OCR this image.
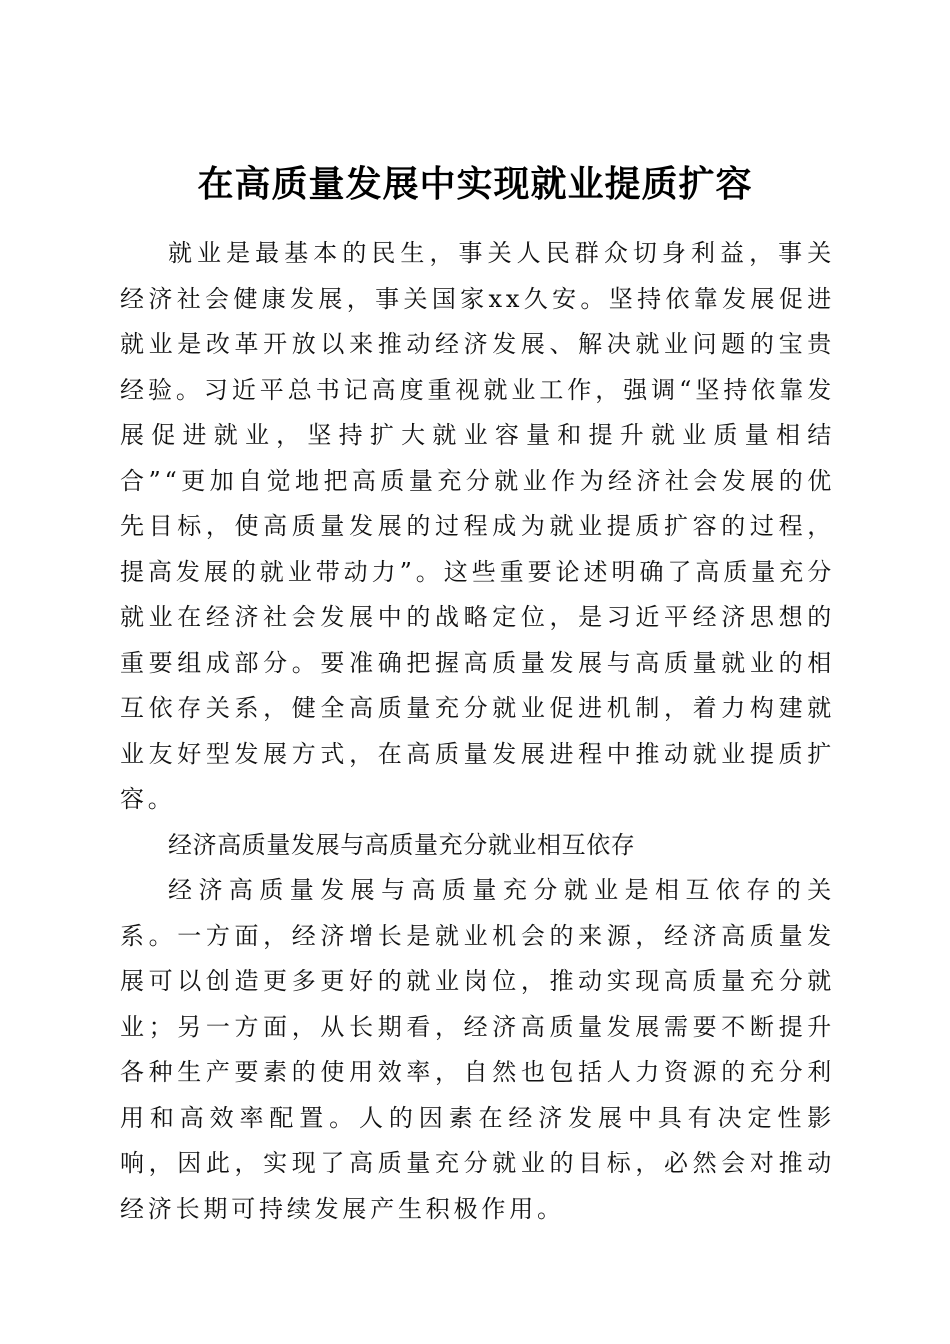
在高质量发展中实现就业提质扩容

就业是最基本的民生，事关人民群众切身利益，事关经济社会健康发展，事关国家xx久安。坚持依靠发展促进就业是改革开放以来推动经济发展、解决就业问题的宝贵经验。习近平总书记高度重视就业工作，强调“坚持依靠发展促进就业，坚持扩大就业容量和提升就业质量相结合”“更加自觉地把高质量充分就业作为经济社会发展的优先目标，使高质量发展的过程成为就业提质扩容的过程，提高发展的就业带动力”。这些重要论述明确了高质量充分就业在经济社会发展中的战略定位，是习近平经济思想的重要组成部分。要准确把握高质量发展与高质量就业的相互依存关系，健全高质量充分就业促进机制，着力构建就业友好型发展方式，在高质量发展进程中推动就业提质扩容。

经济高质量发展与高质量充分就业相互依存

经济高质量发展与高质量充分就业是相互依存的关系。一方面，经济增长是就业机会的来源，经济高质量发展可以创造更多更好的就业岗位，推动实现高质量充分就业；另一方面，从长期看，经济高质量发展需要不断提升各种生产要素的使用效率，自然也包括人力资源的充分利用和高效率配置。人的因素在经济发展中具有决定性影响，因此，实现了高质量充分就业的目标，必然会对推动经济长期可持续发展产生积极作用。
